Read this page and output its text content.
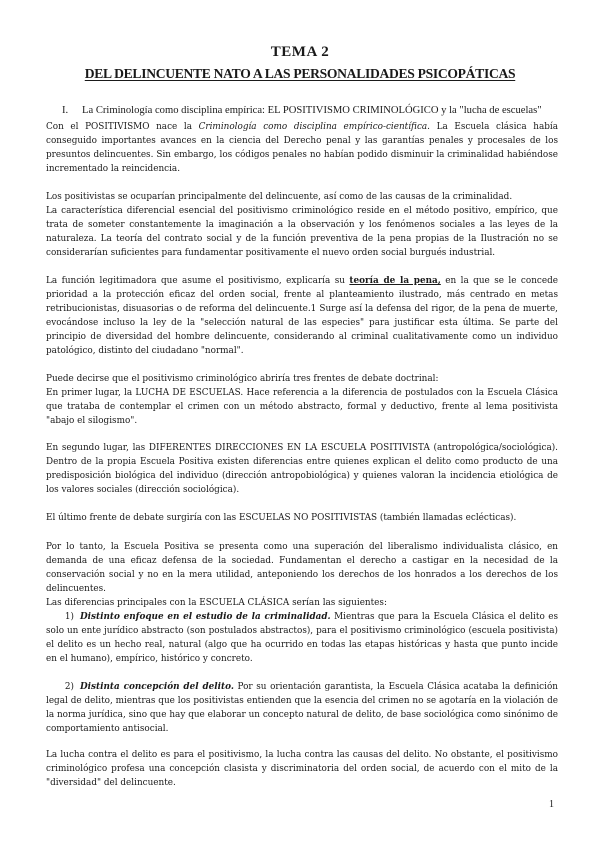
TEMA 2
DEL DELINCUENTE NATO A LAS PERSONALIDADES PSICOPÁTICAS
I. La Criminología como disciplina empírica: EL POSITIVISMO CRIMINOLÓGICO y la "lucha de escuelas"

Con el POSITIVISMO nace la Criminología como disciplina empírico-científica. La Escuela clásica había conseguido importantes avances en la ciencia del Derecho penal y las garantías penales y procesales de los presuntos delincuentes. Sin embargo, los códigos penales no habían podido disminuir la criminalidad habiéndose incrementado la reincidencia.

Los positivistas se ocuparían principalmente del delincuente, así como de las causas de la criminalidad.

La característica diferencial esencial del positivismo criminológico reside en el método positivo, empírico, que trata de someter constantemente la imaginación a la observación y los fenómenos sociales a las leyes de la naturaleza. La teoría del contrato social y de la función preventiva de la pena propias de la Ilustración no se considerarían suficientes para fundamentar positivamente el nuevo orden social burgués industrial.

La función legitimadora que asume el positivismo, explicaría su teoría de la pena, en la que se le concede prioridad a la protección eficaz del orden social, frente al planteamiento ilustrado, más centrado en metas retribucionistas, disuasorias o de reforma del delincuente.1 Surge así la defensa del rigor, de la pena de muerte, evocándose incluso la ley de la "selección natural de las especies" para justificar esta última. Se parte del principio de diversidad del hombre delincuente, considerando al criminal cualitativamente como un individuo patológico, distinto del ciudadano "normal".

Puede decirse que el positivismo criminológico abriría tres frentes de debate doctrinal:

En primer lugar, la LUCHA DE ESCUELAS. Hace referencia a la diferencia de postulados con la Escuela Clásica que trataba de contemplar el crimen con un método abstracto, formal y deductivo, frente al lema positivista "abajo el silogismo".

En segundo lugar, las DIFERENTES DIRECCIONES EN LA ESCUELA POSITIVISTA (antropológica/sociológica). Dentro de la propia Escuela Positiva existen diferencias entre quienes explican el delito como producto de una predisposición biológica del individuo (dirección antropobiológica) y quienes valoran la incidencia etiológica de los valores sociales (dirección sociológica).

El último frente de debate surgiría con las ESCUELAS NO POSITIVISTAS (también llamadas eclécticas).

Por lo tanto, la Escuela Positiva se presenta como una superación del liberalismo individualista clásico, en demanda de una eficaz defensa de la sociedad. Fundamentan el derecho a castigar en la necesidad de la conservación social y no en la mera utilidad, anteponiendo los derechos de los honrados a los derechos de los delincuentes.

Las diferencias principales con la ESCUELA CLÁSICA serían las siguientes:

1) Distinto enfoque en el estudio de la criminalidad. Mientras que para la Escuela Clásica el delito es solo un ente jurídico abstracto (son postulados abstractos), para el positivismo criminológico (escuela positivista) el delito es un hecho real, natural (algo que ha ocurrido en todas las etapas históricas y hasta que punto incide en el humano), empírico, histórico y concreto.

2) Distinta concepción del delito. Por su orientación garantista, la Escuela Clásica acataba la definición legal de delito, mientras que los positivistas entienden que la esencia del crimen no se agotaría en la violación de la norma jurídica, sino que hay que elaborar un concepto natural de delito, de base sociológica como sinónimo de comportamiento antisocial.

La lucha contra el delito es para el positivismo, la lucha contra las causas del delito. No obstante, el positivismo criminológico profesa una concepción clasista y discriminatoria del orden social, de acuerdo con el mito de la "diversidad" del delincuente.

1
